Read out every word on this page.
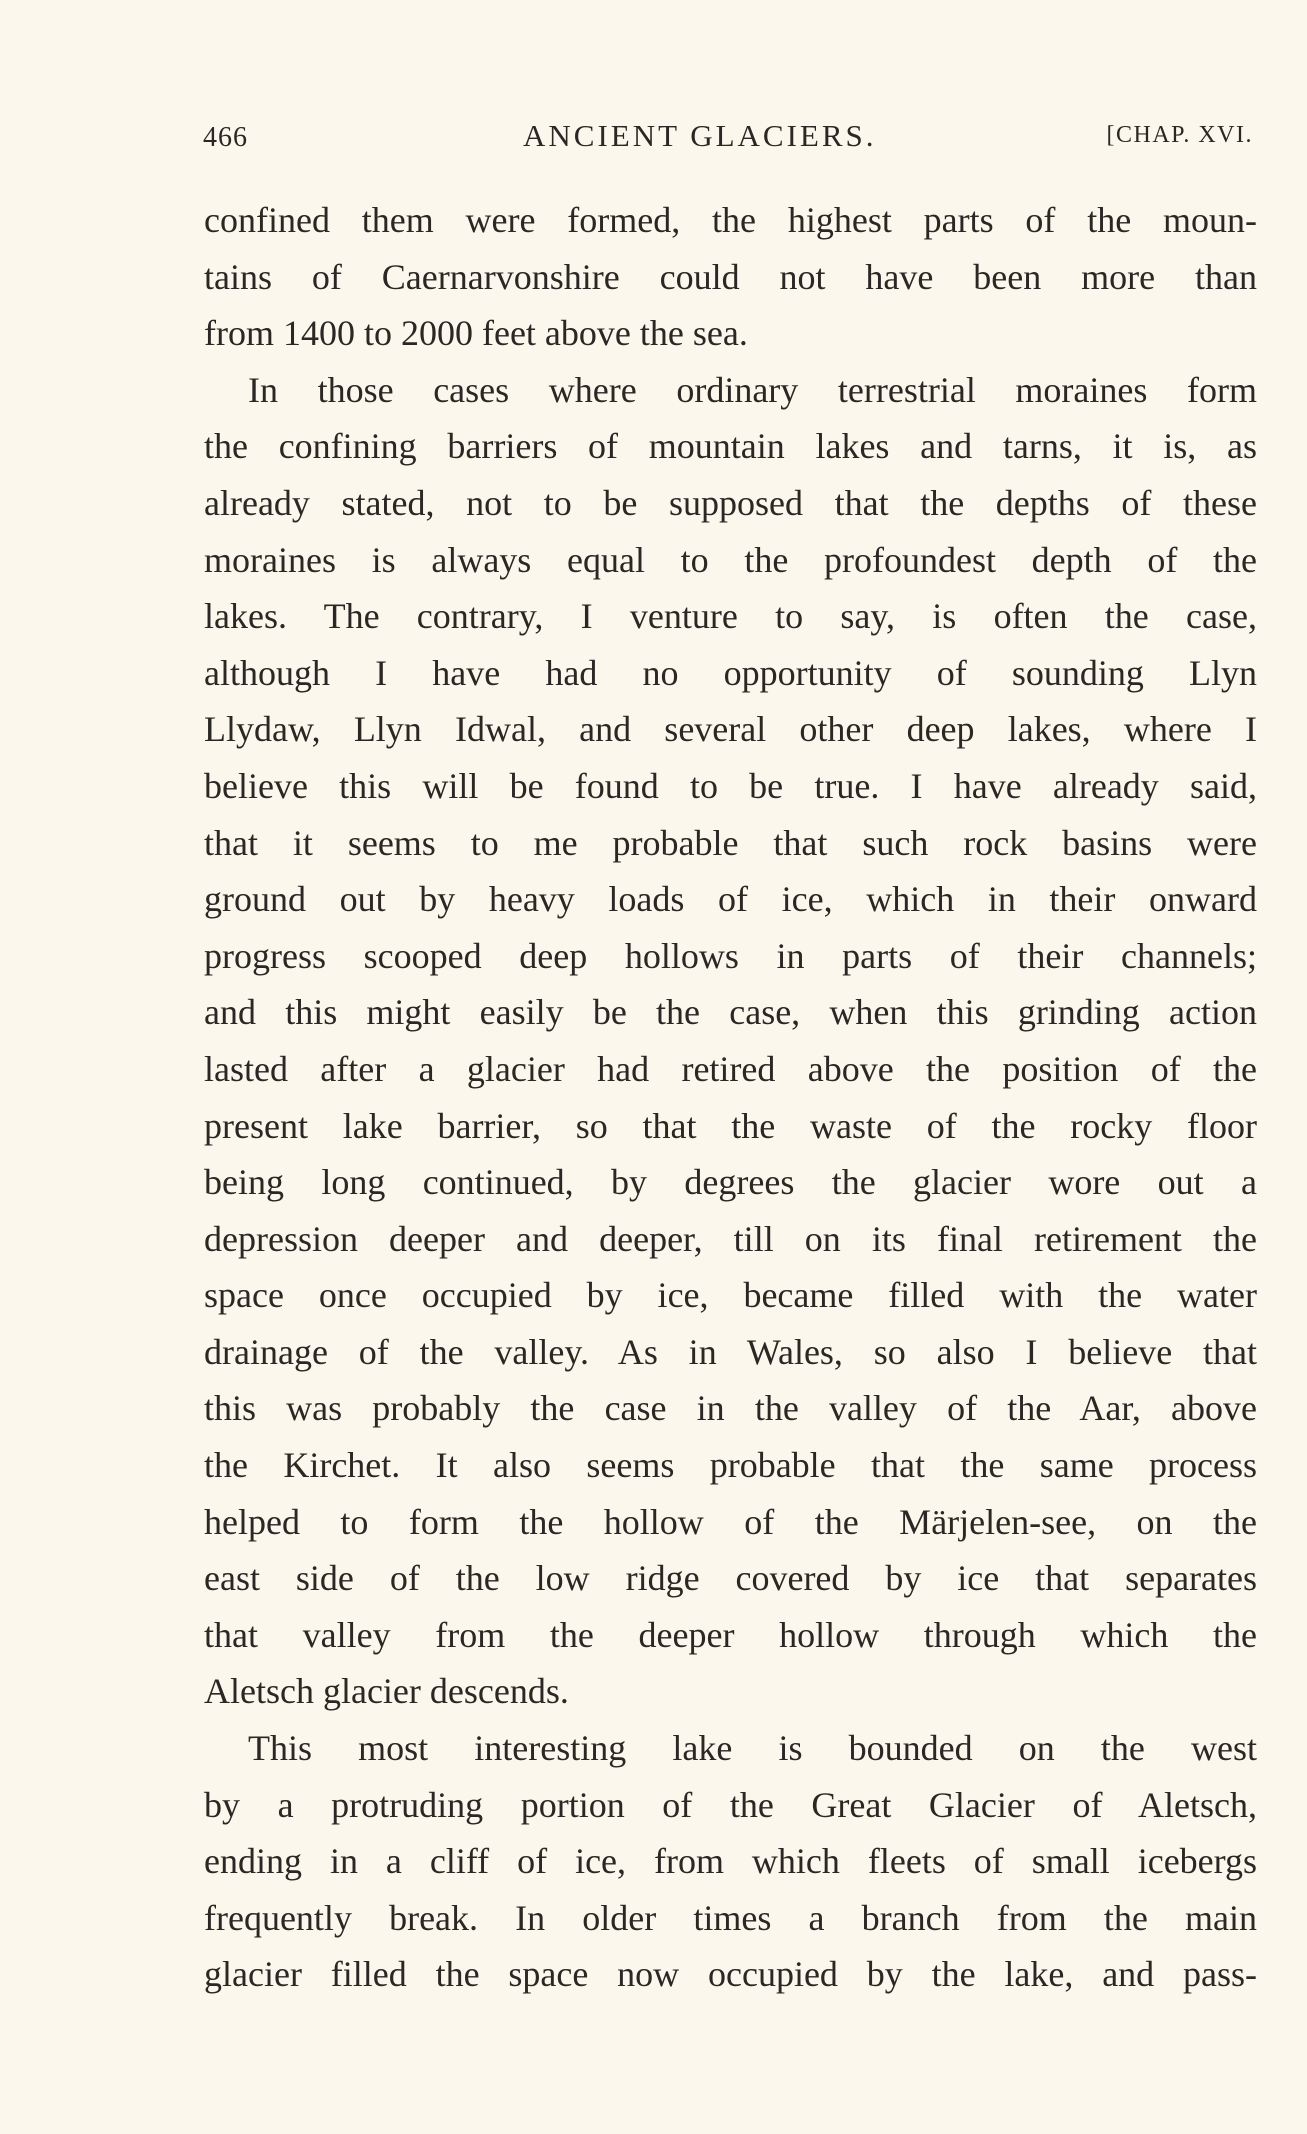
466	ANCIENT GLACIERS.	[CHAP. XVI.
confined them were formed, the highest parts of the moun-
tains of Caernarvonshire could not have been more than
from 1400 to 2000 feet above the sea.
In those cases where ordinary terrestrial moraines form
the confining barriers of mountain lakes and tarns, it is, as
already stated, not to be supposed that the depths of these
moraines is always equal to the profoundest depth of the
lakes. The contrary, I venture to say, is often the case,
although I have had no opportunity of sounding Llyn
Llydaw, Llyn Idwal, and several other deep lakes, where I
believe this will be found to be true. I have already said,
that it seems to me probable that such rock basins were
ground out by heavy loads of ice, which in their onward
progress scooped deep hollows in parts of their channels;
and this might easily be the case, when this grinding action
lasted after a glacier had retired above the position of the
present lake barrier, so that the waste of the rocky floor
being long continued, by degrees the glacier wore out a
depression deeper and deeper, till on its final retirement the
space once occupied by ice, became filled with the water
drainage of the valley. As in Wales, so also I believe that
this was probably the case in the valley of the Aar, above
the Kirchet. It also seems probable that the same process
helped to form the hollow of the Märjelen-see, on the
east side of the low ridge covered by ice that separates
that valley from the deeper hollow through which the
Aletsch glacier descends.
This most interesting lake is bounded on the west
by a protruding portion of the Great Glacier of Aletsch,
ending in a cliff of ice, from which fleets of small icebergs
frequently break. In older times a branch from the main
glacier filled the space now occupied by the lake, and pass-
